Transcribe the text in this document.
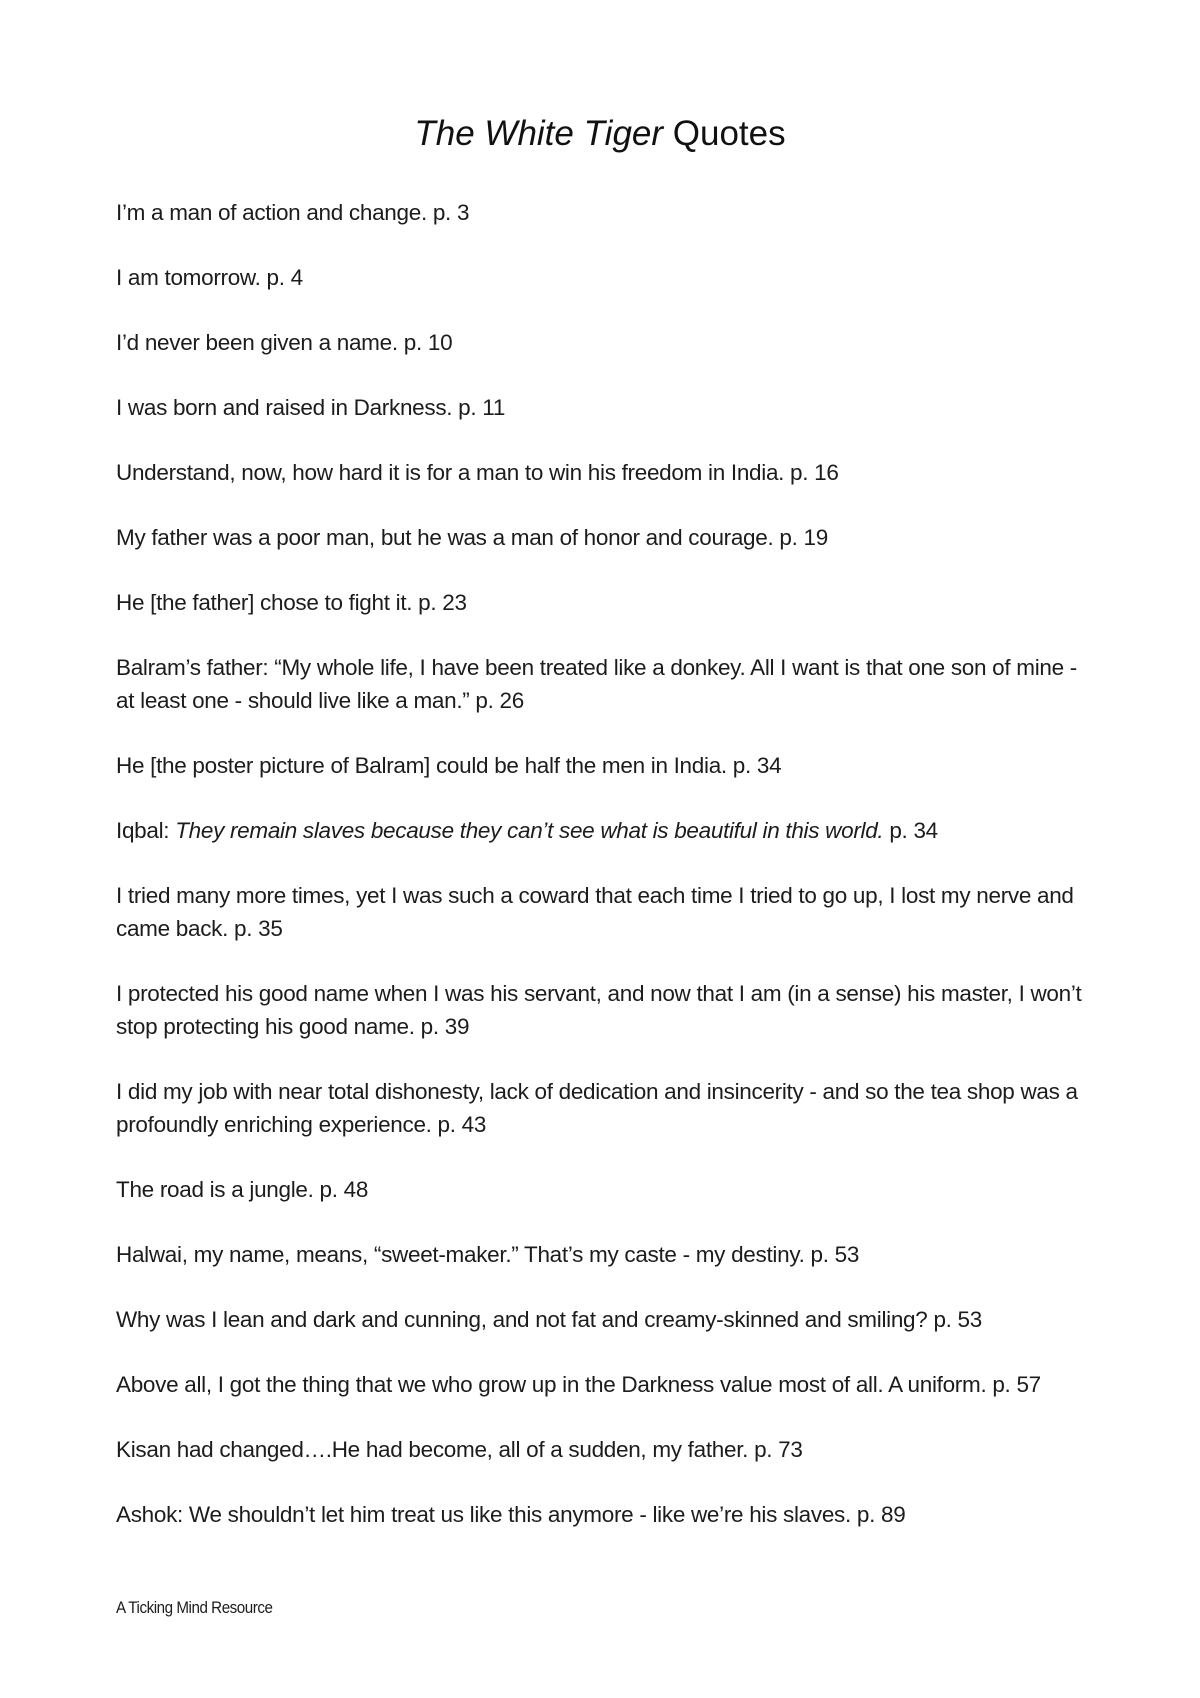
The White Tiger Quotes
I’m a man of action and change. p. 3
I am tomorrow. p. 4
I’d never been given a name. p. 10
I was born and raised in Darkness. p. 11
Understand, now, how hard it is for a man to win his freedom in India. p. 16
My father was a poor man, but he was a man of honor and courage. p. 19
He [the father] chose to fight it. p. 23
Balram’s father: “My whole life, I have been treated like a donkey. All I want is that one son of mine - at least one - should live like a man.” p. 26
He [the poster picture of Balram] could be half the men in India. p. 34
Iqbal: They remain slaves because they can’t see what is beautiful in this world. p. 34
I tried many more times, yet I was such a coward that each time I tried to go up, I lost my nerve and came back. p. 35
I protected his good name when I was his servant, and now that I am (in a sense) his master, I won’t stop protecting his good name. p. 39
I did my job with near total dishonesty, lack of dedication and insincerity - and so the tea shop was a profoundly enriching experience. p. 43
The road is a jungle. p. 48
Halwai, my name, means, “sweet-maker.” That’s my caste - my destiny. p. 53
Why was I lean and dark and cunning, and not fat and creamy-skinned and smiling? p. 53
Above all, I got the thing that we who grow up in the Darkness value most of all. A uniform. p. 57
Kisan had changed….He had become, all of a sudden, my father. p. 73
Ashok: We shouldn’t let him treat us like this anymore - like we’re his slaves. p. 89
A Ticking Mind Resource
